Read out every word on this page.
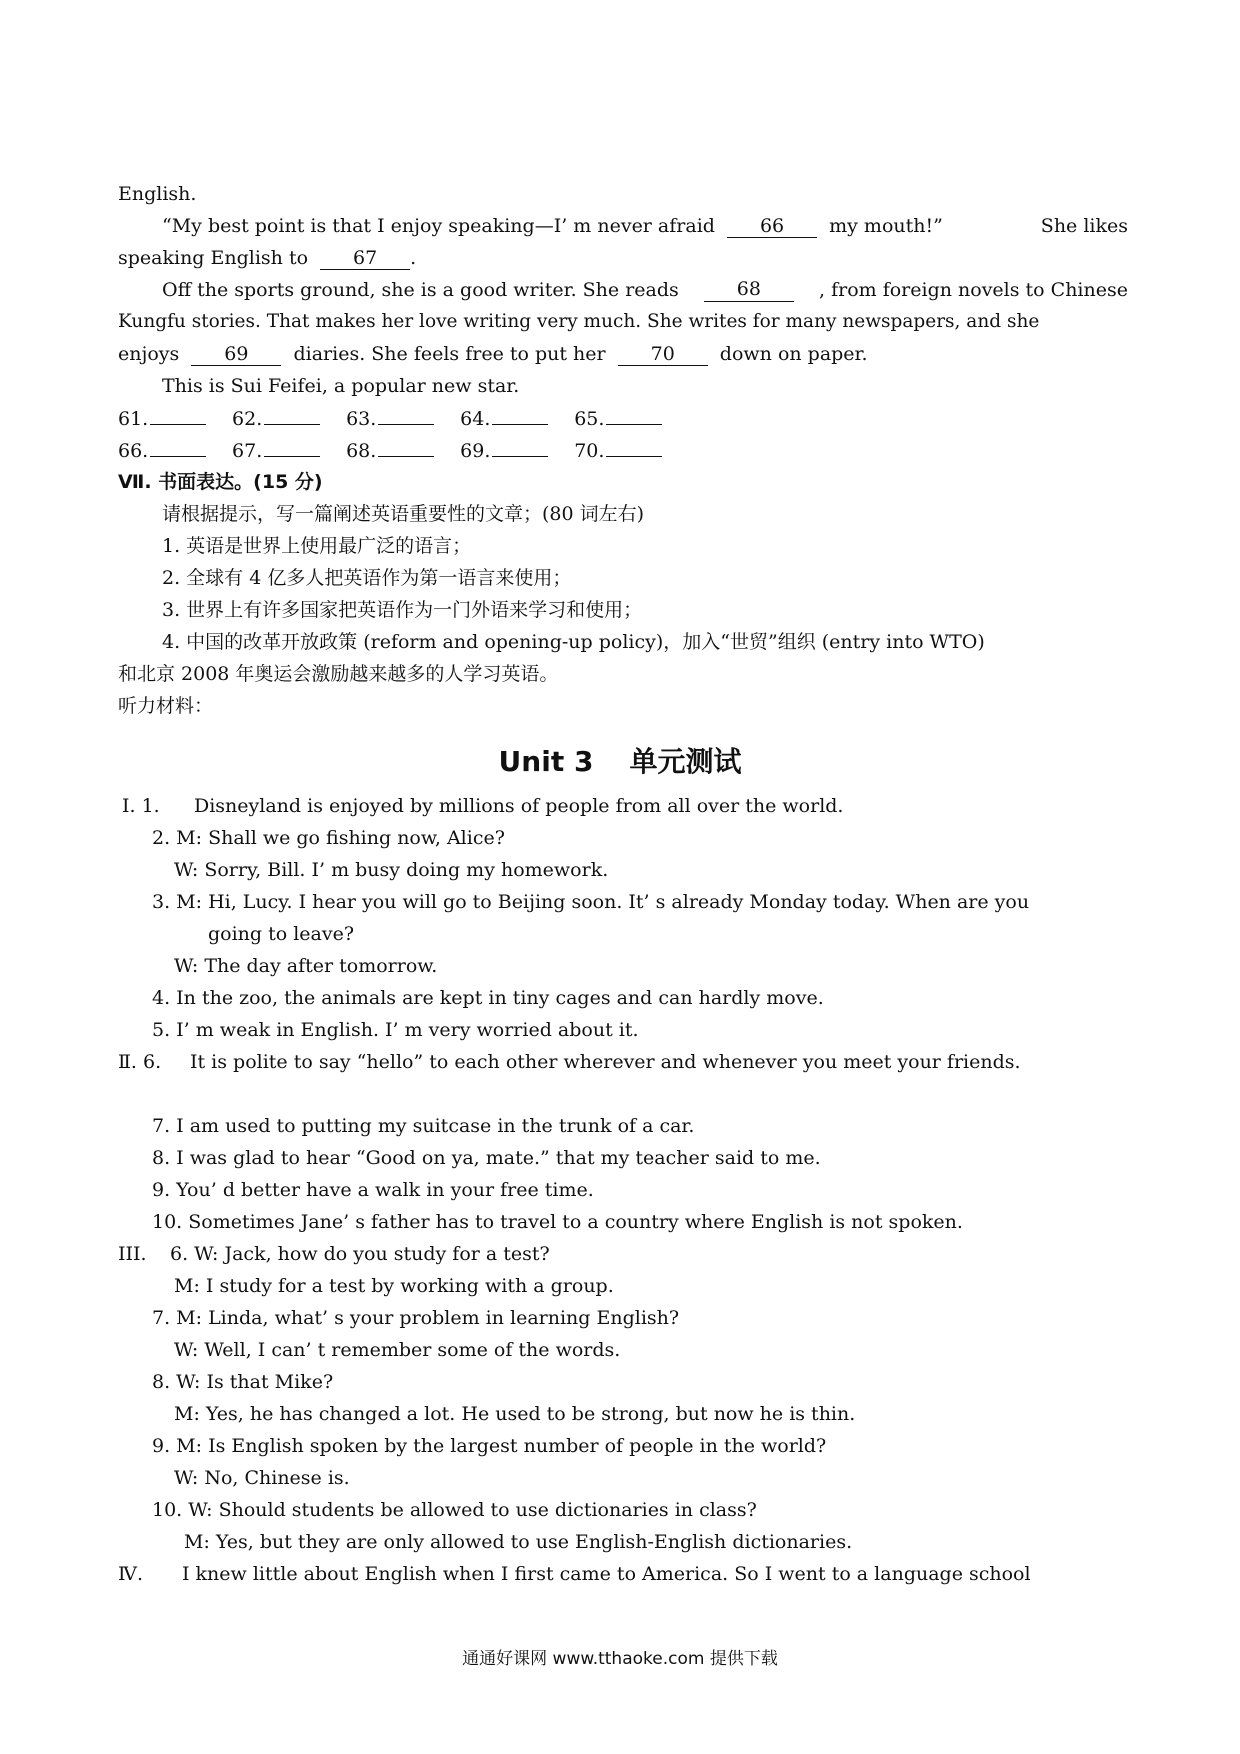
English.
“My best point is that I enjoy speaking—I’ m never afraid 66 my mouth!”	She likes
speaking English to 67 .
Off the sports ground, she is a good writer. She reads	68	, from foreign novels to Chinese
Kungfu stories. That makes her love writing very much. She writes for many newspapers, and she
enjoys 69 diaries. She feels free to put her 70 down on paper.
This is Sui Feifei, a popular new star.
61.	62.	63.	64.	65.
66.	67.	68.	69.	70.
Ⅶ. 书面表达。(15 分)
请根据提示，写一篇阐述英语重要性的文章；(80 词左右)
1. 英语是世界上使用最广泛的语言；
2. 全球有 4 亿多人把英语作为第一语言来使用；
3. 世界上有许多国家把英语作为一门外语来学习和使用；
4. 中国的改革开放政策 (reform and opening-up policy)，加入“世贸”组织 (entry into WTO)
和北京 2008 年奥运会激励越来越多的人学习英语。
听力材料：
Unit 3 单元测试
Ⅰ. 1. Disneyland is enjoyed by millions of people from all over the world.
2. M: Shall we go fishing now, Alice?
W: Sorry, Bill. I’ m busy doing my homework.
3. M: Hi, Lucy. I hear you will go to Beijing soon. It’ s already Monday today. When are you
going to leave?
W: The day after tomorrow.
4. In the zoo, the animals are kept in tiny cages and can hardly move.
5. I’ m weak in English. I’ m very worried about it.
Ⅱ. 6. It is polite to say “hello” to each other wherever and whenever you meet your friends.
7. I am used to putting my suitcase in the trunk of a car.
8. I was glad to hear “Good on ya, mate.” that my teacher said to me.
9. You’ d better have a walk in your free time.
10. Sometimes Jane’ s father has to travel to a country where English is not spoken.
III. 6. W: Jack, how do you study for a test?
M: I study for a test by working with a group.
7. M: Linda, what’ s your problem in learning English?
W: Well, I can’ t remember some of the words.
8. W: Is that Mike?
M: Yes, he has changed a lot. He used to be strong, but now he is thin.
9. M: Is English spoken by the largest number of people in the world?
W: No, Chinese is.
10. W: Should students be allowed to use dictionaries in class?
M: Yes, but they are only allowed to use English-English dictionaries.
Ⅳ. I knew little about English when I first came to America. So I went to a language school
通通好课网 www.tthaoke.com 提供下载
